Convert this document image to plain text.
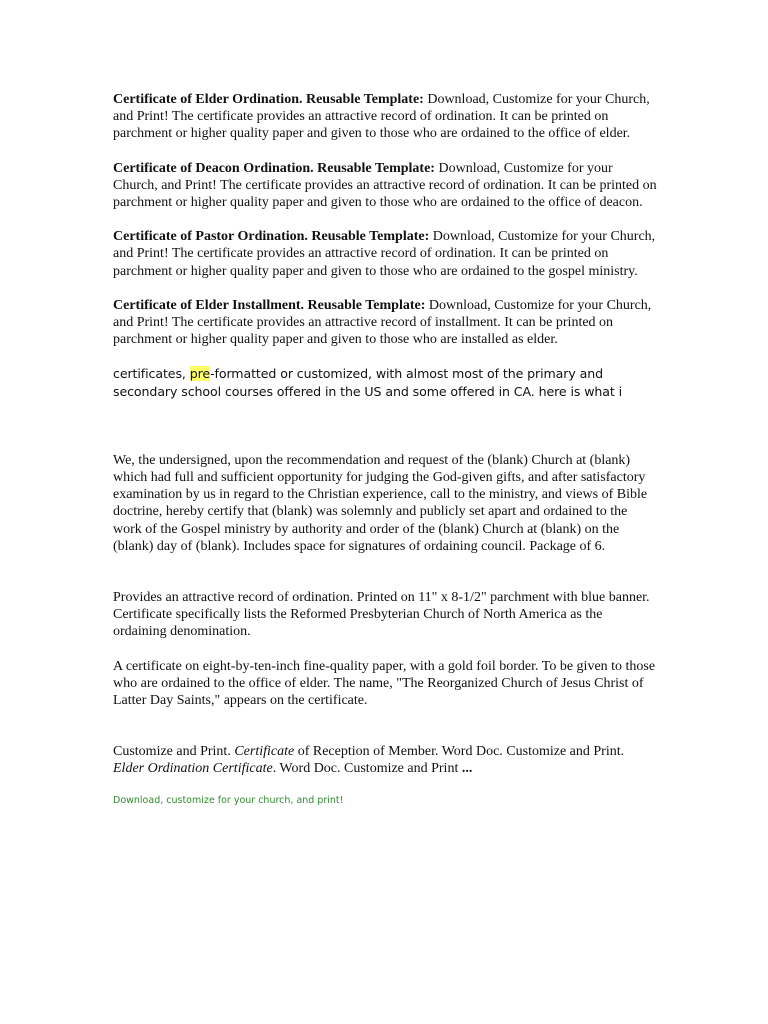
Certificate of Elder Ordination. Reusable Template: Download, Customize for your Church, and Print! The certificate provides an attractive record of ordination. It can be printed on parchment or higher quality paper and given to those who are ordained to the office of elder.

Certificate of Deacon Ordination. Reusable Template: Download, Customize for your Church, and Print! The certificate provides an attractive record of ordination. It can be printed on parchment or higher quality paper and given to those who are ordained to the office of deacon.

Certificate of Pastor Ordination. Reusable Template: Download, Customize for your Church, and Print! The certificate provides an attractive record of ordination. It can be printed on parchment or higher quality paper and given to those who are ordained to the gospel ministry.

Certificate of Elder Installment. Reusable Template: Download, Customize for your Church, and Print! The certificate provides an attractive record of installment. It can be printed on parchment or higher quality paper and given to those who are installed as elder.

certificates, pre-formatted or customized, with almost most of the primary and secondary school courses offered in the US and some offered in CA. here is what i

We, the undersigned, upon the recommendation and request of the (blank) Church at (blank) which had full and sufficient opportunity for judging the God-given gifts, and after satisfactory examination by us in regard to the Christian experience, call to the ministry, and views of Bible doctrine, hereby certify that (blank) was solemnly and publicly set apart and ordained to the work of the Gospel ministry by authority and order of the (blank) Church at (blank) on the (blank) day of (blank). Includes space for signatures of ordaining council. Package of 6.

Provides an attractive record of ordination. Printed on 11" x 8-1/2" parchment with blue banner. Certificate specifically lists the Reformed Presbyterian Church of North America as the ordaining denomination.

A certificate on eight-by-ten-inch fine-quality paper, with a gold foil border. To be given to those who are ordained to the office of elder. The name, "The Reorganized Church of Jesus Christ of Latter Day Saints," appears on the certificate.

Customize and Print. Certificate of Reception of Member. Word Doc. Customize and Print. Elder Ordination Certificate. Word Doc. Customize and Print ...

Download, customize for your church, and print!
